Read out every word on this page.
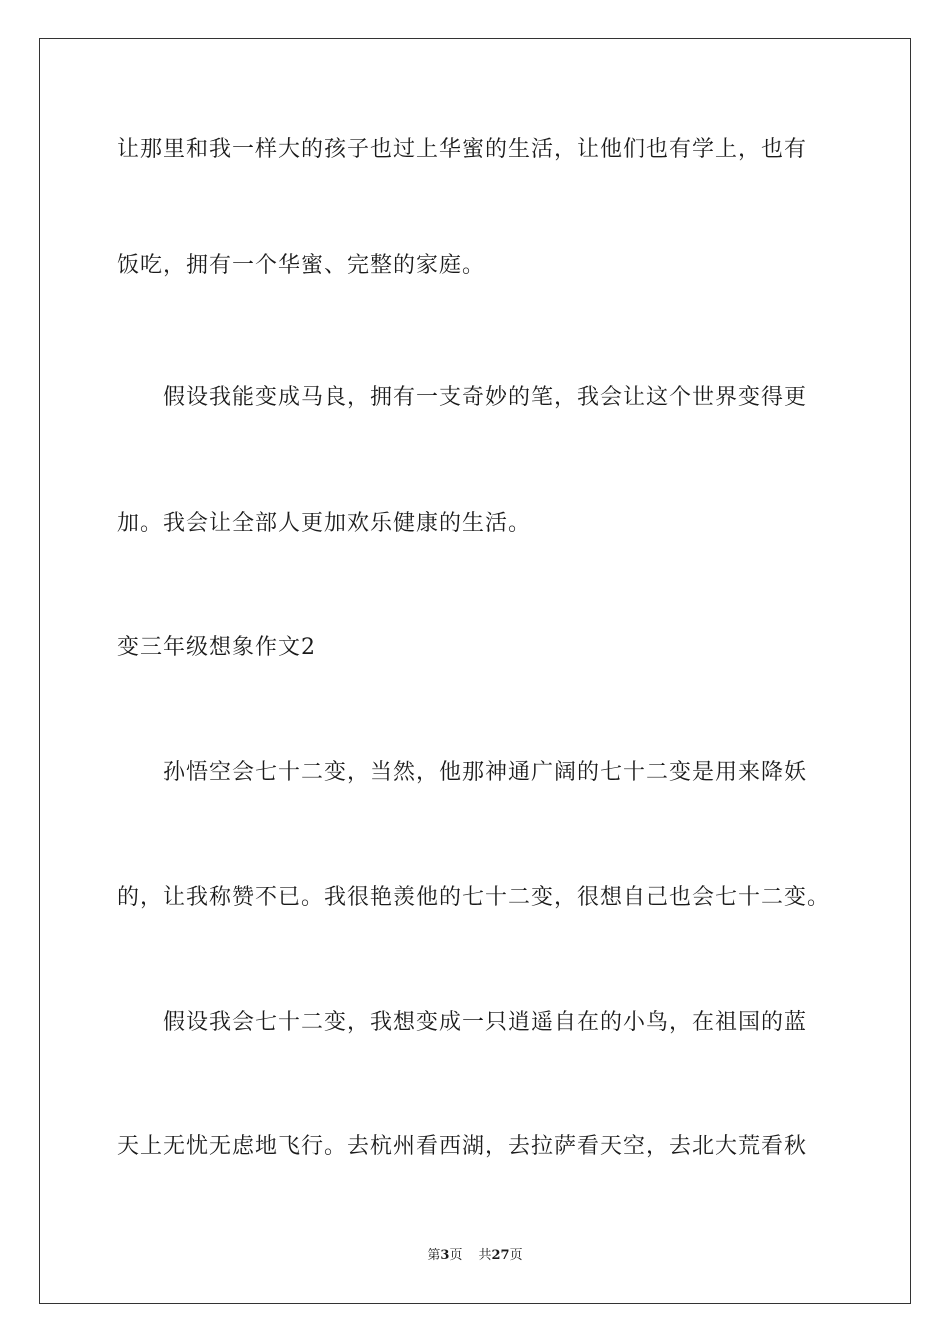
让那里和我一样大的孩子也过上华蜜的生活，让他们也有学上，也有
饭吃，拥有一个华蜜、完整的家庭。
假设我能变成马良，拥有一支奇妙的笔，我会让这个世界变得更
加。我会让全部人更加欢乐健康的生活。
变三年级想象作文2
孙悟空会七十二变，当然，他那神通广阔的七十二变是用来降妖
的，让我称赞不已。我很艳羡他的七十二变，很想自己也会七十二变。
假设我会七十二变，我想变成一只逍遥自在的小鸟，在祖国的蓝
天上无忧无虑地飞行。去杭州看西湖，去拉萨看天空，去北大荒看秋
第3页 共27页
